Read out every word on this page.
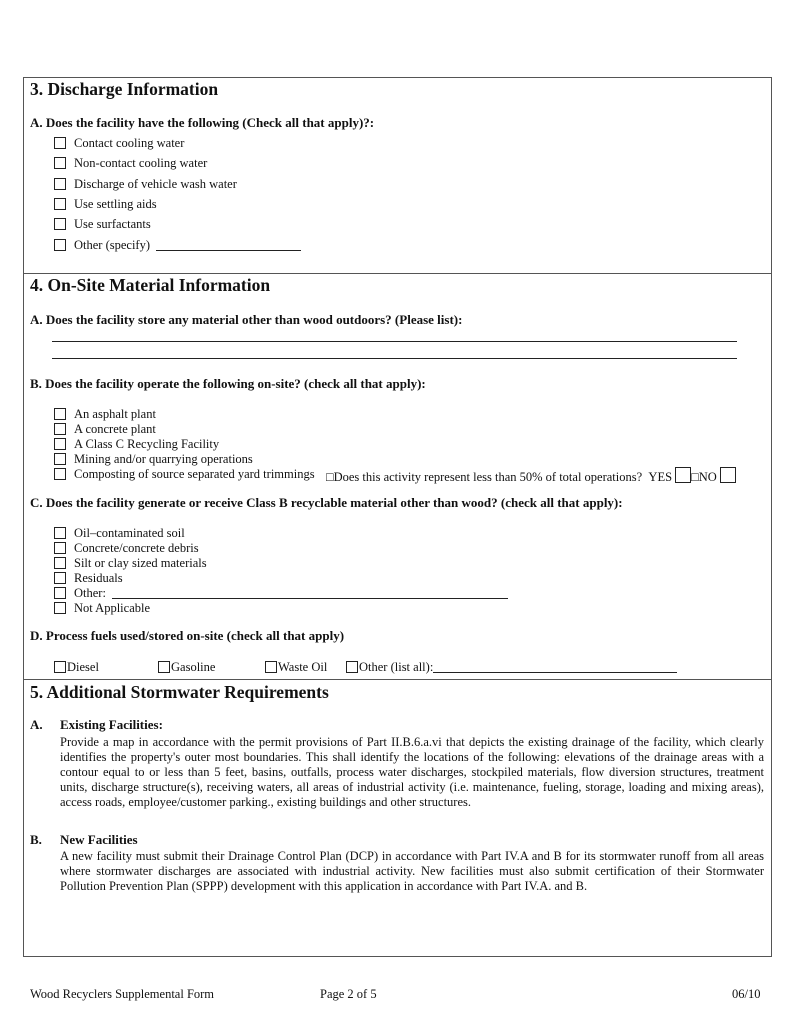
3. Discharge Information
A. Does the facility have the following (Check all that apply)?:
Contact cooling water
Non-contact cooling water
Discharge of vehicle wash water
Use settling aids
Use surfactants
Other (specify)
4. On-Site Material Information
A. Does the facility store any material other than wood outdoors? (Please list):
B. Does the facility operate the following on-site? (check all that apply):
An asphalt plant
A concrete plant
A Class C Recycling Facility
Mining and/or quarrying operations
Composting of source separated yard trimmings □Does this activity represent less than 50% of total operations? YES □NO
C. Does the facility generate or receive Class B recyclable material other than wood? (check all that apply):
Oil–contaminated soil
Concrete/concrete debris
Silt or clay sized materials
Residuals
Other:
Not Applicable
D. Process fuels used/stored on-site (check all that apply)
Diesel	Gasoline	Waste Oil	Other (list all):
5. Additional Stormwater Requirements
A. Existing Facilities:
Provide a map in accordance with the permit provisions of Part II.B.6.a.vi that depicts the existing drainage of the facility, which clearly identifies the property's outer most boundaries. This shall identify the locations of the following: elevations of the drainage areas with a contour equal to or less than 5 feet, basins, outfalls, process water discharges, stockpiled materials, flow diversion structures, treatment units, discharge structure(s), receiving waters, all areas of industrial activity (i.e. maintenance, fueling, storage, loading and mixing areas), access roads, employee/customer parking., existing buildings and other structures.
B. New Facilities
A new facility must submit their Drainage Control Plan (DCP) in accordance with Part IV.A and B for its stormwater runoff from all areas where stormwater discharges are associated with industrial activity. New facilities must also submit certification of their Stormwater Pollution Prevention Plan (SPPP) development with this application in accordance with Part IV.A. and B.
Wood Recyclers Supplemental Form	Page 2 of 5	06/10
